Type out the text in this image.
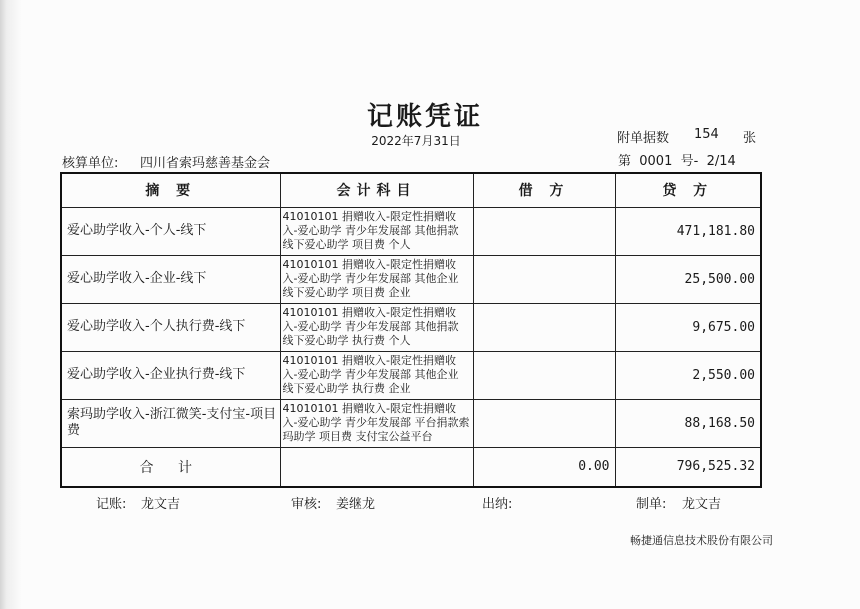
记账凭证
2022年7月31日	附单据数 154 张
核算单位: 四川省索玛慈善基金会	第  0001  号-  2/14
摘 要	会计科目	借 方	贷 方
爱心助学收入-个人-线下	41010101 捐赠收入-限定性捐赠收入-爱心助学 青少年发展部 其他捐款 线下爱心助学 项目费 个人		471,181.80
爱心助学收入-企业-线下	41010101 捐赠收入-限定性捐赠收入-爱心助学 青少年发展部 其他企业 线下爱心助学 项目费 企业		25,500.00
爱心助学收入-个人执行费-线下	41010101 捐赠收入-限定性捐赠收入-爱心助学 青少年发展部 其他捐款 线下爱心助学 执行费 个人		9,675.00
爱心助学收入-企业执行费-线下	41010101 捐赠收入-限定性捐赠收入-爱心助学 青少年发展部 其他企业 线下爱心助学 执行费 企业		2,550.00
索玛助学收入-浙江微笑-支付宝-项目费	41010101 捐赠收入-限定性捐赠收入-爱心助学 青少年发展部 平台捐款索玛助学 项目费 支付宝公益平台		88,168.50
合 计		0.00	796,525.32
记账: 龙文吉	审核: 姜继龙	出纳:	制单: 龙文吉
畅捷通信息技术股份有限公司
